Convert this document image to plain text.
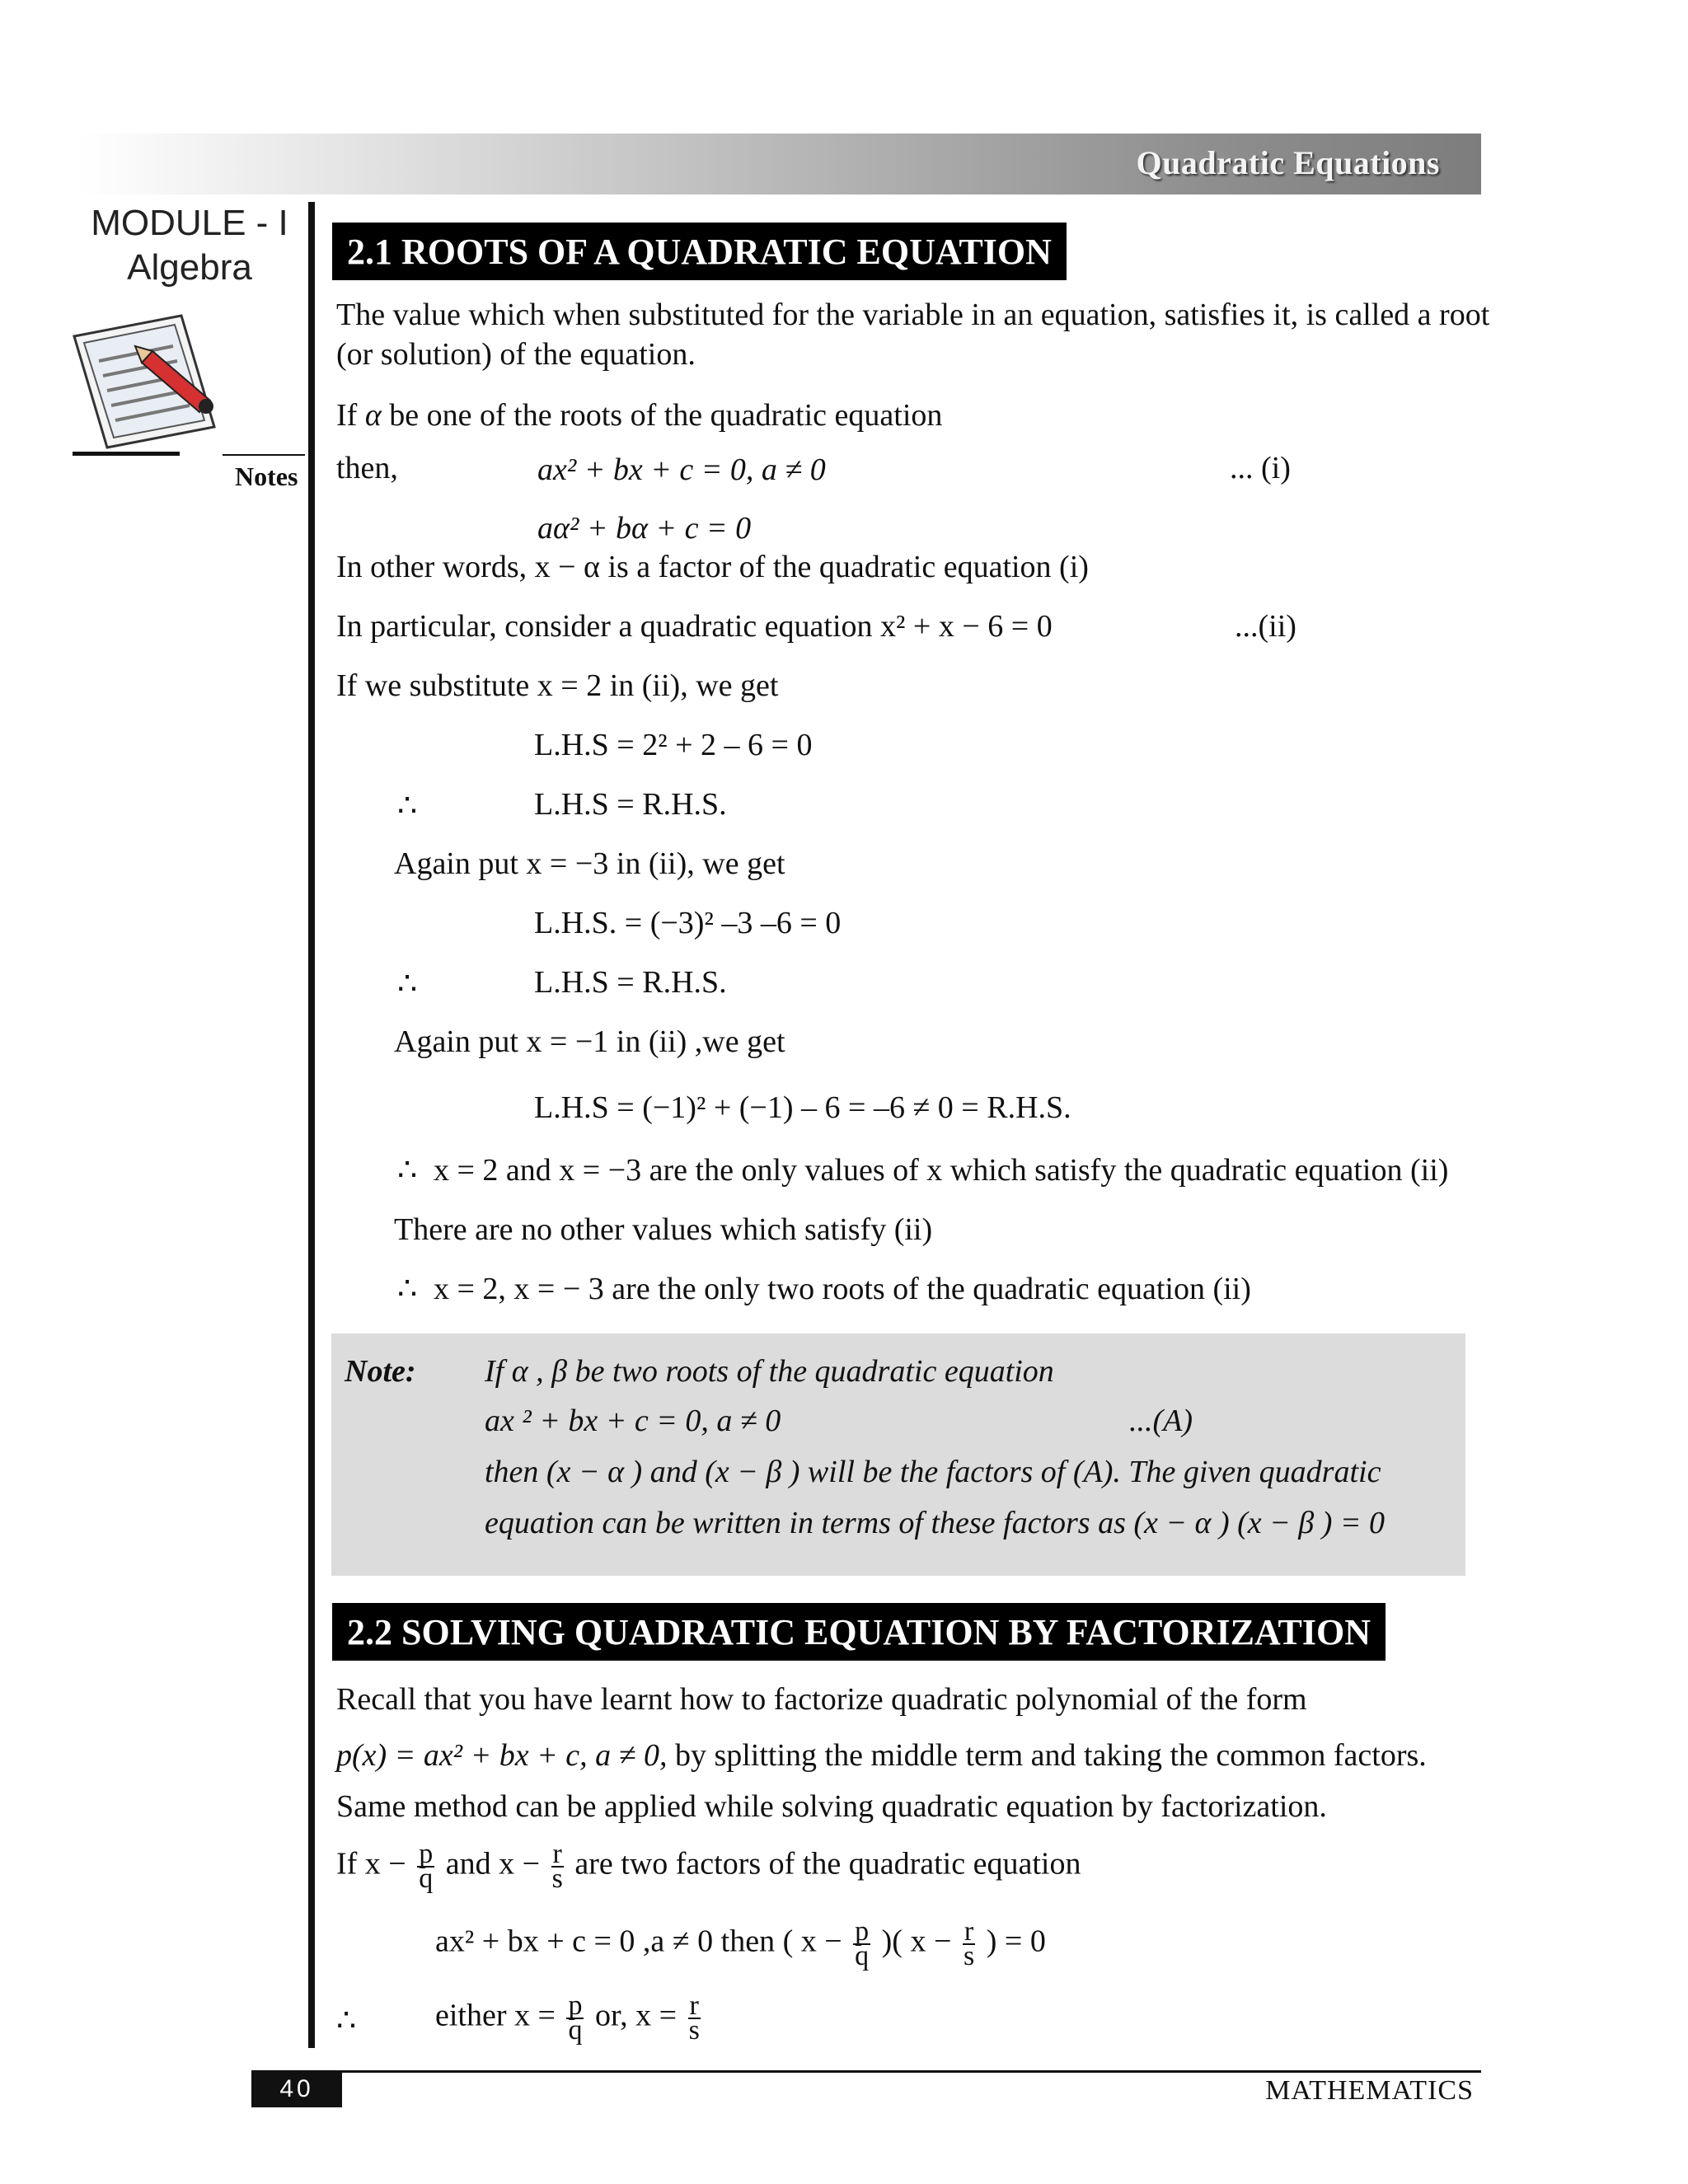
Quadratic Equations
MODULE - I
Algebra
Notes
2.1 ROOTS OF A QUADRATIC EQUATION
The value which when substituted for the variable in an equation, satisfies it, is called a root
(or solution) of the equation.
If α be one of the roots of the quadratic equation
then,	ax² + bx + c = 0, a ≠ 0	... (i)
aα² + bα + c = 0
In other words, x − α is a factor of the quadratic equation (i)
In particular, consider a quadratic equation x² + x − 6 = 0	...(ii)
If we substitute x = 2 in (ii), we get
L.H.S = 2² + 2 – 6 = 0
∴	L.H.S = R.H.S.
Again put x = −3 in (ii), we get
L.H.S. = (−3)² –3 –6 = 0
∴	L.H.S = R.H.S.
Again put x = −1 in (ii) ,we get
L.H.S = (−1)² + (−1) – 6 = –6 ≠ 0 = R.H.S.
∴ x = 2 and x = −3 are the only values of x which satisfy the quadratic equation (ii)
There are no other values which satisfy (ii)
∴ x = 2, x = − 3 are the only two roots of the quadratic equation (ii)
Note: If α , β be two roots of the quadratic equation
ax ² + bx + c = 0, a ≠ 0	...(A)
then (x − α ) and (x − β ) will be the factors of (A). The given quadratic
equation can be written in terms of these factors as (x − α ) (x − β ) = 0
2.2 SOLVING QUADRATIC EQUATION BY FACTORIZATION
Recall that you have learnt how to factorize quadratic polynomial of the form
p(x) = ax² + bx + c, a ≠ 0, by splitting the middle term and taking the common factors.
Same method can be applied while solving quadratic equation by factorization.
If $x - \frac{p}{q}$ and $x - \frac{r}{s}$ are two factors of the quadratic equation
ax² + bx + c = 0 ,a ≠ 0 then ( $x - \frac{p}{q}$ )( $x - \frac{r}{s}$ ) = 0
∴	either $x = \frac{p}{q}$ or, $x = \frac{r}{s}$
40	MATHEMATICS
